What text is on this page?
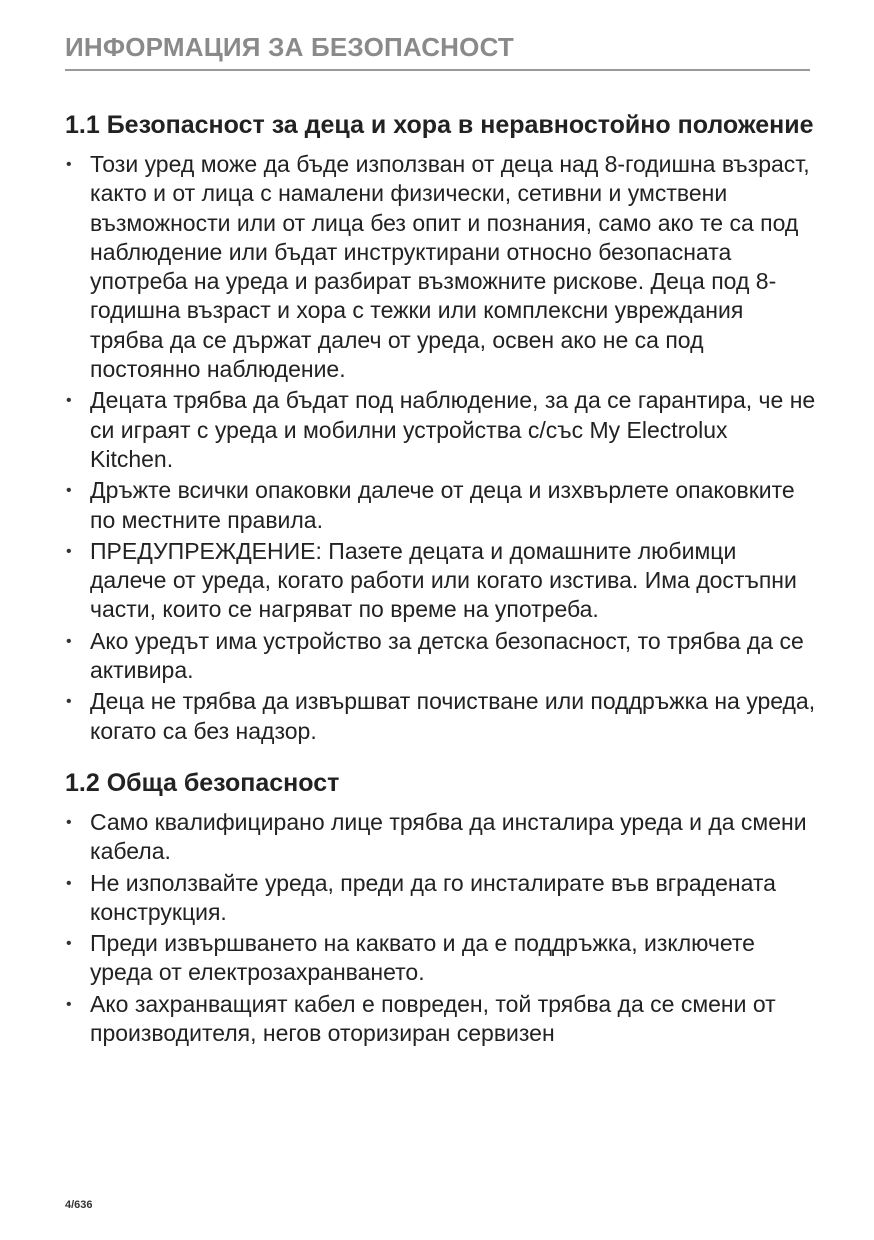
ИНФОРМАЦИЯ ЗА БЕЗОПАСНОСТ
1.1 Безопасност за деца и хора в неравностойно положение
• Този уред може да бъде използван от деца над 8-годишна възраст, както и от лица с намалени физически, сетивни и умствени възможности или от лица без опит и познания, само ако те са под наблюдение или бъдат инструктирани относно безопасната употреба на уреда и разбират възможните рискове. Деца под 8-годишна възраст и хора с тежки или комплексни увреждания трябва да се държат далеч от уреда, освен ако не са под постоянно наблюдение.
• Децата трябва да бъдат под наблюдение, за да се гарантира, че не си играят с уреда и мобилни устройства с/със My Electrolux Kitchen.
• Дръжте всички опаковки далече от деца и изхвърлете опаковките по местните правила.
• ПРЕДУПРЕЖДЕНИЕ: Пазете децата и домашните любимци далече от уреда, когато работи или когато изстива. Има достъпни части, които се нагряват по време на употреба.
• Ако уредът има устройство за детска безопасност, то трябва да се активира.
• Деца не трябва да извършват почистване или поддръжка на уреда, когато са без надзор.
1.2 Обща безопасност
• Само квалифицирано лице трябва да инсталира уреда и да смени кабела.
• Не използвайте уреда, преди да го инсталирате във вградената конструкция.
• Преди извършването на каквато и да е поддръжка, изключете уреда от електрозахранването.
• Ако захранващият кабел е повреден, той трябва да се смени от производителя, негов оторизиран сервизен
4/636
